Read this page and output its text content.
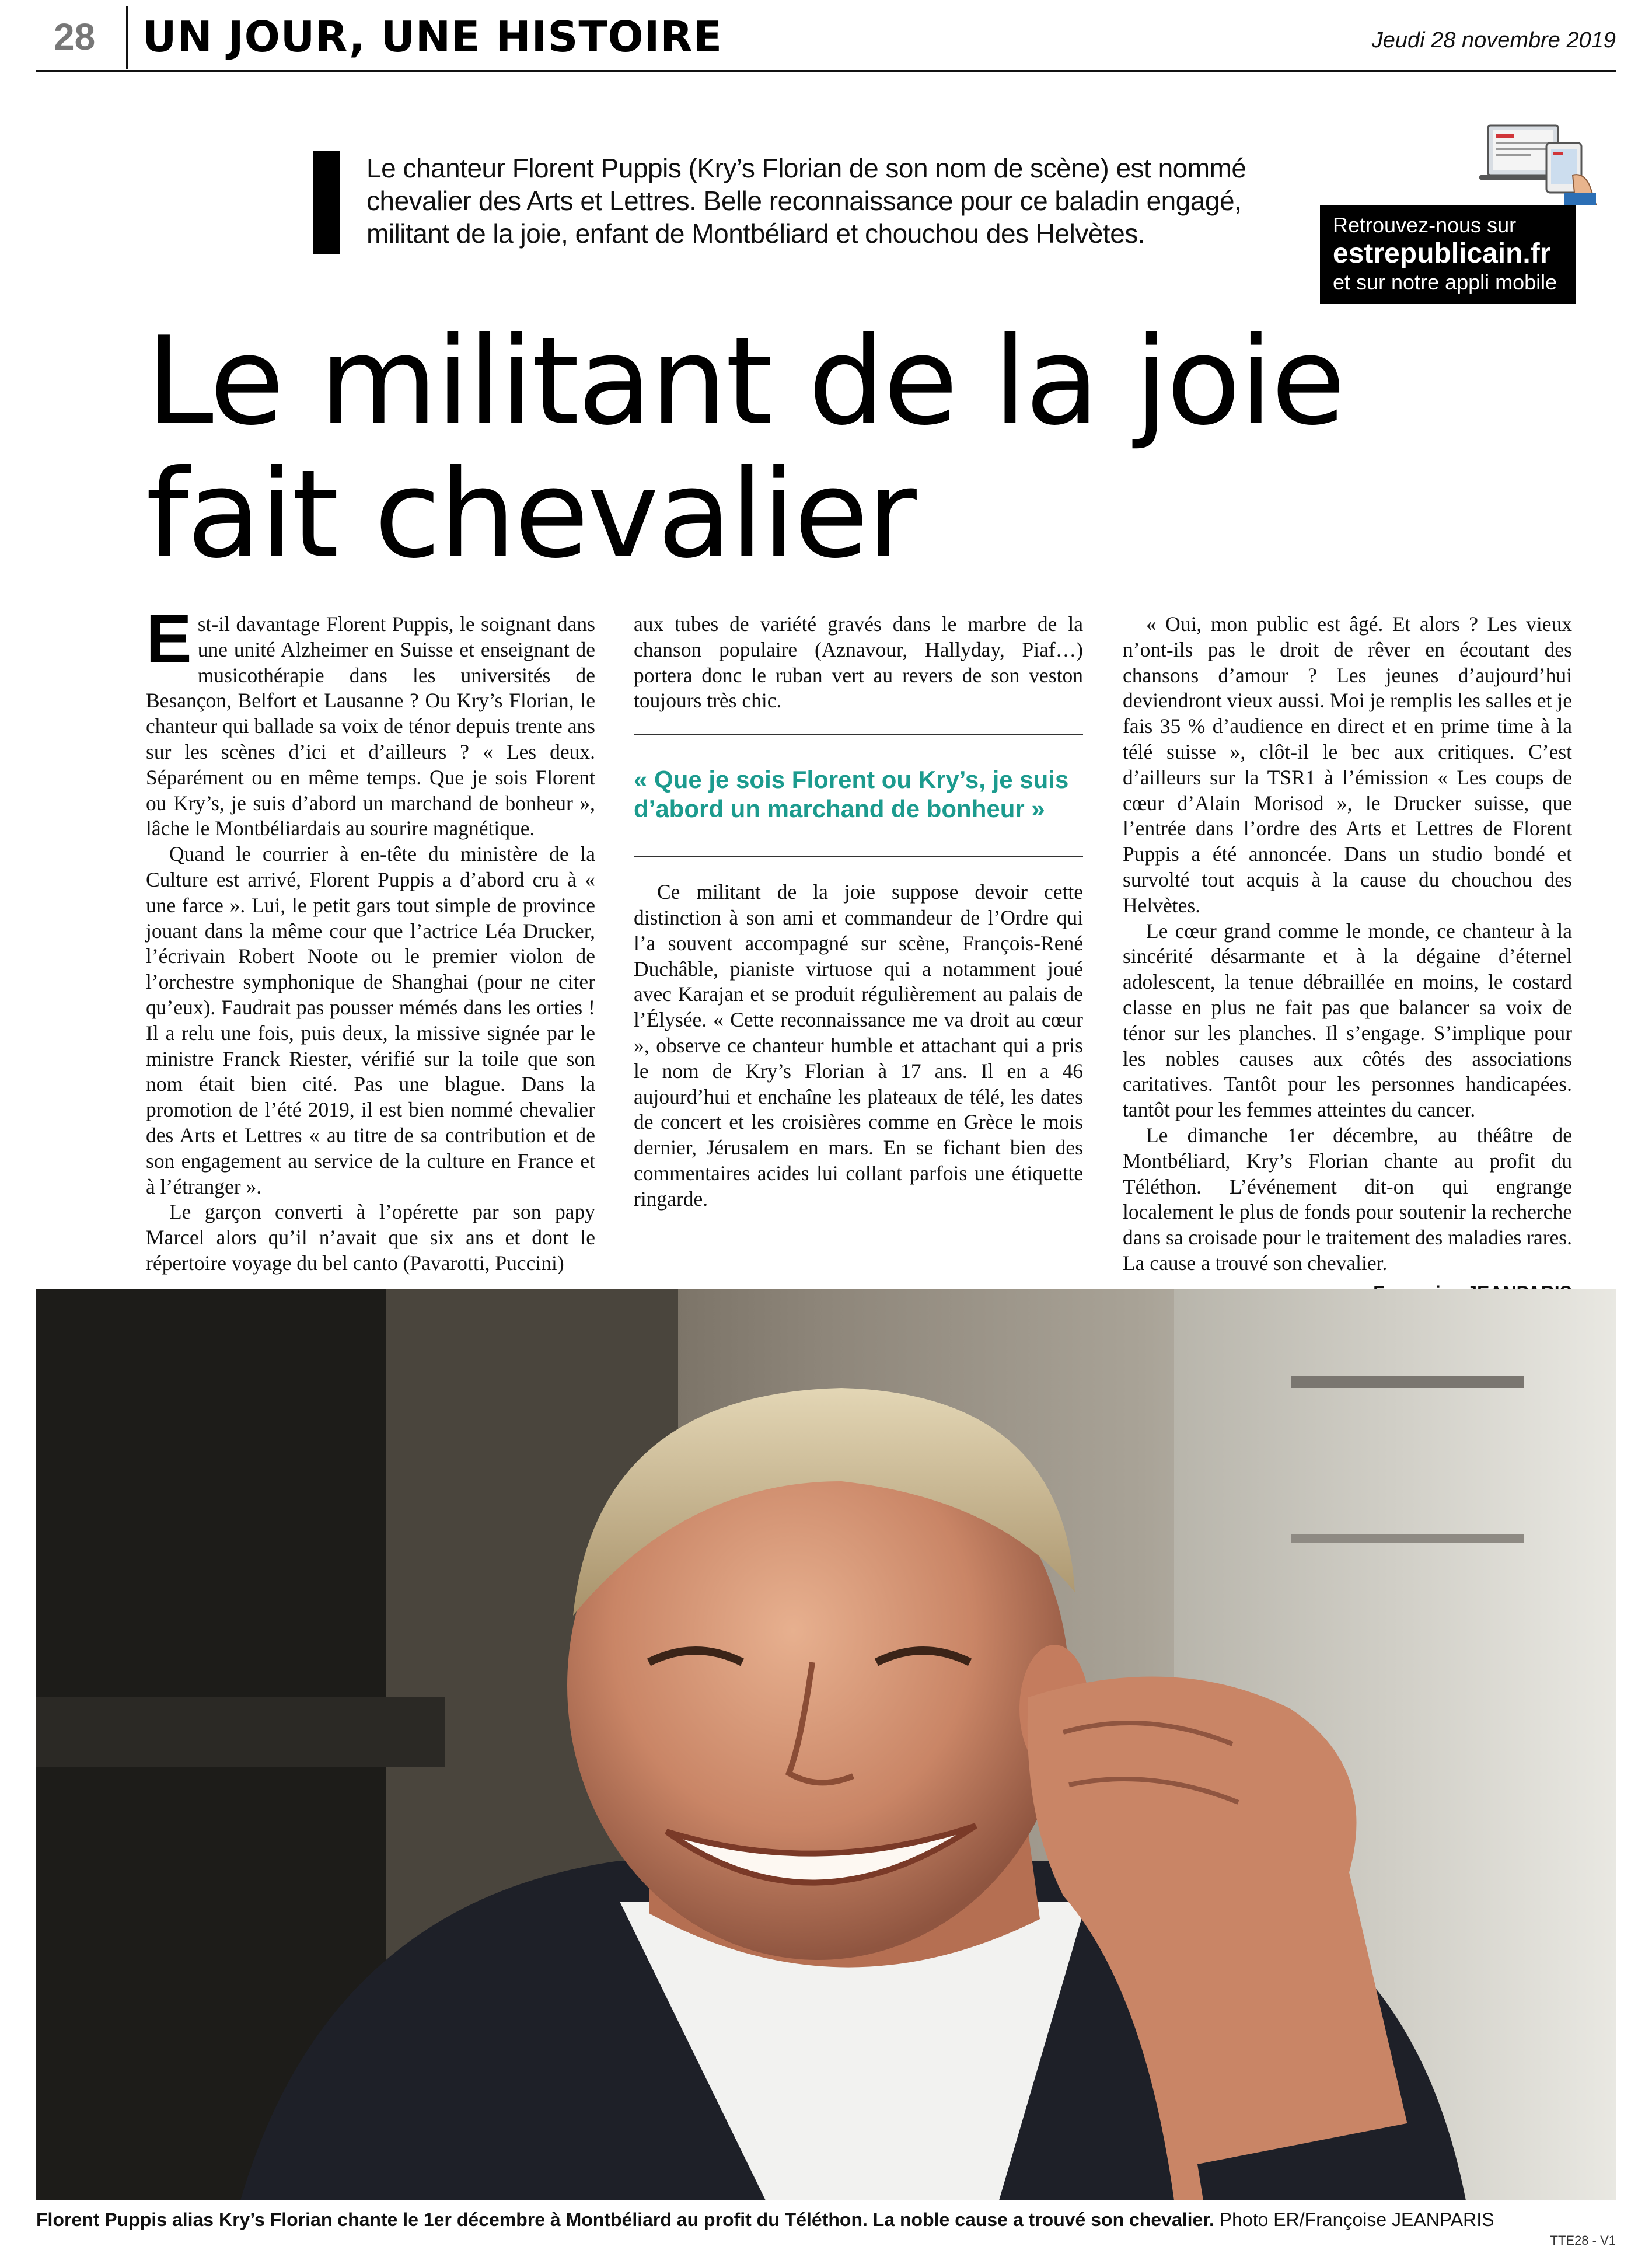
28	UN JOUR, UNE HISTOIRE	Jeudi 28 novembre 2019
Le chanteur Florent Puppis (Kry’s Florian de son nom de scène) est nommé chevalier des Arts et Lettres. Belle reconnaissance pour ce baladin engagé, militant de la joie, enfant de Montbéliard et chouchou des Helvètes.	Retrouvez-nous sur
estrepublicain.fr
et sur notre appli mobile
Le militant de la joie
fait chevalier

Est-il davantage Florent Puppis, le soignant dans une unité Alzheimer en Suisse et enseignant de musicothérapie dans les universités de Besançon, Belfort et Lausanne ? Ou Kry’s Florian, le chanteur qui ballade sa voix de ténor depuis trente ans sur les scènes d’ici et d’ailleurs ? « Les deux. Séparément ou en même temps. Que je sois Florent ou Kry’s, je suis d’abord un marchand de bonheur », lâche le Montbéliardais au sourire magnétique.

Quand le courrier à en-tête du ministère de la Culture est arrivé, Florent Puppis a d’abord cru à « une farce ». Lui, le petit gars tout simple de province jouant dans la même cour que l’actrice Léa Drucker, l’écrivain Robert Noote ou le premier violon de l’orchestre symphonique de Shanghai (pour ne citer qu’eux). Faudrait pas pousser mémés dans les orties ! Il a relu une fois, puis deux, la missive signée par le ministre Franck Riester, vérifié sur la toile que son nom était bien cité. Pas une blague. Dans la promotion de l’été 2019, il est bien nommé chevalier des Arts et Lettres « au titre de sa contribution et de son engagement au service de la culture en France et à l’étranger ».

Le garçon converti à l’opérette par son papy Marcel alors qu’il n’avait que six ans et dont le répertoire voyage du bel canto (Pavarotti, Puccini)

aux tubes de variété gravés dans le marbre de la chanson populaire (Aznavour, Hallyday, Piaf…) portera donc le ruban vert au revers de son veston toujours très chic.

« Que je sois Florent ou Kry’s, je suis d’abord un marchand de bonheur »

Ce militant de la joie suppose devoir cette distinction à son ami et commandeur de l’Ordre qui l’a souvent accompagné sur scène, François-René Duchâble, pianiste virtuose qui a notamment joué avec Karajan et se produit régulièrement au palais de l’Élysée. « Cette reconnaissance me va droit au cœur », observe ce chanteur humble et attachant qui a pris le nom de Kry’s Florian à 17 ans. Il en a 46 aujourd’hui et enchaîne les plateaux de télé, les dates de concert et les croisières comme en Grèce le mois dernier, Jérusalem en mars. En se fichant bien des commentaires acides lui collant parfois une étiquette ringarde.

« Oui, mon public est âgé. Et alors ? Les vieux n’ont-ils pas le droit de rêver en écoutant des chansons d’amour ? Les jeunes d’aujourd’hui deviendront vieux aussi. Moi je remplis les salles et je fais 35 % d’audience en direct et en prime time à la télé suisse », clôt-il le bec aux critiques. C’est d’ailleurs sur la TSR1 à l’émission « Les coups de cœur d’Alain Morisod », le Drucker suisse, que l’entrée dans l’ordre des Arts et Lettres de Florent Puppis a été annoncée. Dans un studio bondé et survolté tout acquis à la cause du chouchou des Helvètes.

Le cœur grand comme le monde, ce chanteur à la sincérité désarmante et à la dégaine d’éternel adolescent, la tenue débraillée en moins, le costard classe en plus ne fait pas que balancer sa voix de ténor sur les planches. Il s’engage. S’implique pour les nobles causes aux côtés des associations caritatives. Tantôt pour les personnes handicapées. tantôt pour les femmes atteintes du cancer.

Le dimanche 1er décembre, au théâtre de Montbéliard, Kry’s Florian chante au profit du Téléthon. L’événement dit-on qui engrange localement le plus de fonds pour soutenir la recherche dans sa croisade pour le traitement des maladies rares. La cause a trouvé son chevalier.

Florent Puppis alias Kry’s Florian chante le 1er décembre à Montbéliard au profit du Téléthon. La noble cause a trouvé son chevalier. Photo ER/Françoise JEANPARIS
TTE28 - V1
